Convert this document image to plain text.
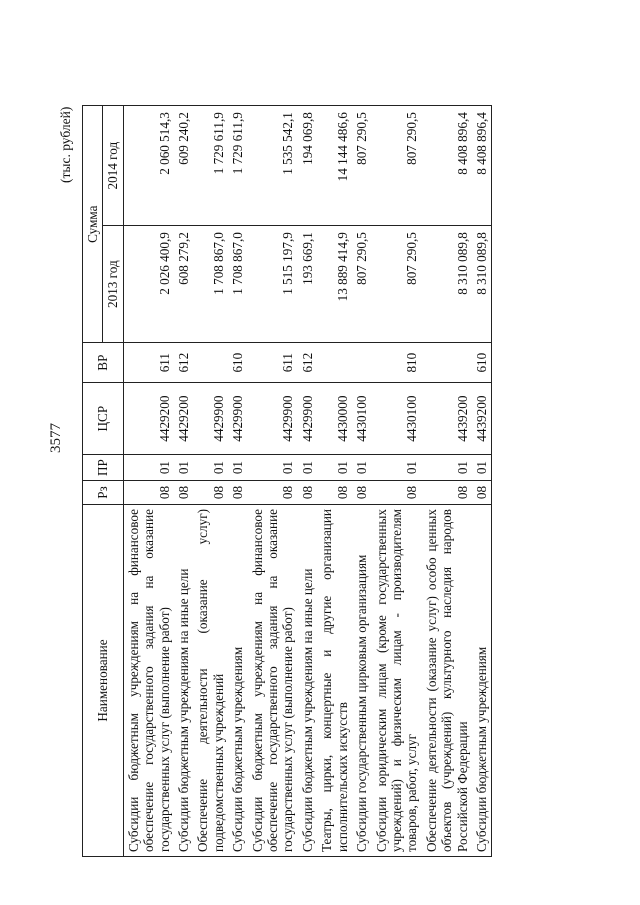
3577
(тыс. рублей)
Наименование	Рз	ПР	ЦСР	ВР	Сумма	
					2013 год	2014 год
Субсидии бюджетным учреждениям на финансовое обеспечение государственного задания на оказание государственных услуг (выполнение работ)	08	01	4429200	611	2 026 400,9	2 060 514,3
Субсидии бюджетным учреждениям на иные цели	08	01	4429200	612	608 279,2	609 240,2
Обеспечение деятельности (оказание услуг) подведомственных учреждений	08	01	4429900		1 708 867,0	1 729 611,9
Субсидии бюджетным учреждениям	08	01	4429900	610	1 708 867,0	1 729 611,9
Субсидии бюджетным учреждениям на финансовое обеспечение государственного задания на оказание государственных услуг (выполнение работ)	08	01	4429900	611	1 515 197,9	1 535 542,1
Субсидии бюджетным учреждениям на иные цели	08	01	4429900	612	193 669,1	194 069,8
Театры, цирки, концертные и другие организации исполнительских искусств	08	01	4430000		13 889 414,9	14 144 486,6
Субсидии государственным цирковым организациям	08	01	4430100		807 290,5	807 290,5
Субсидии юридическим лицам (кроме государственных учреждений) и физическим лицам - производителям товаров, работ, услуг	08	01	4430100	810	807 290,5	807 290,5
Обеспечение деятельности (оказание услуг) особо ценных объектов (учреждений) культурного наследия народов Российской Федерации	08	01	4439200		8 310 089,8	8 408 896,4
Субсидии бюджетным учреждениям	08	01	4439200	610	8 310 089,8	8 408 896,4
